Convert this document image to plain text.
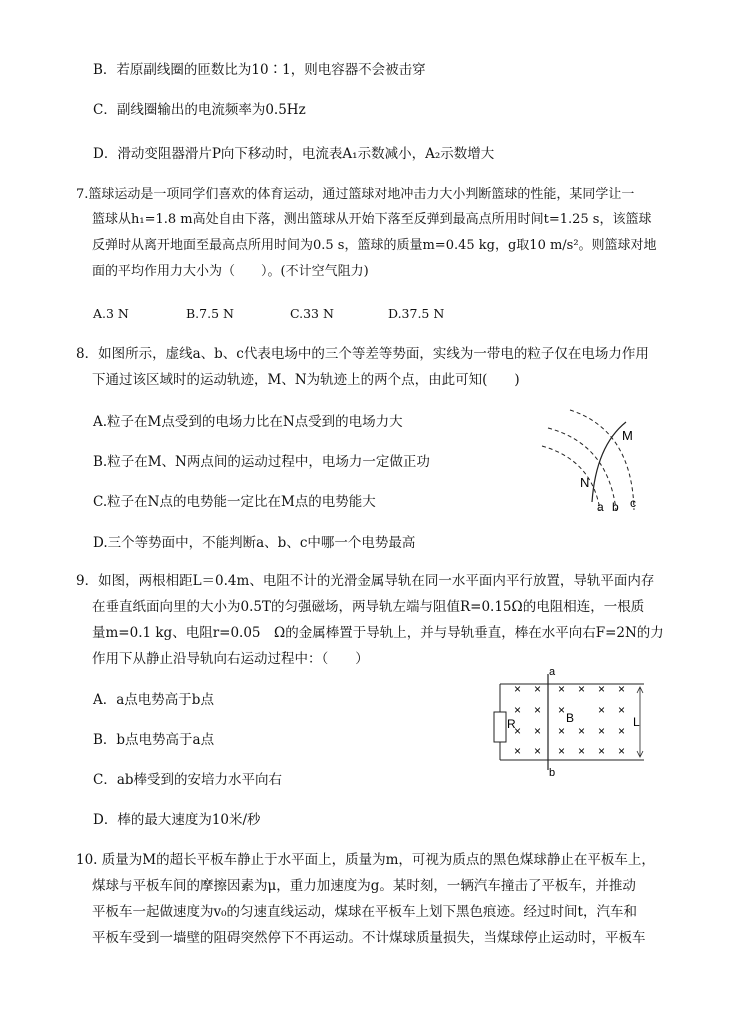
B．若原副线圈的匝数比为10∶1，则电容器不会被击穿
C．副线圈输出的电流频率为0.5Hz
D．滑动变阻器滑片P向下移动时，电流表A₁示数减小，A₂示数增大
7.篮球运动是一项同学们喜欢的体育运动，通过篮球对地冲击力大小判断篮球的性能，某同学让一
篮球从h₁=1.8 m高处自由下落，测出篮球从开始下落至反弹到最高点所用时间t=1.25 s，该篮球
反弹时从离开地面至最高点所用时间为0.5 s，篮球的质量m=0.45 kg，g取10 m/s²。则篮球对地
面的平均作用力大小为（　　）。(不计空气阻力)
A.3 N	B.7.5 N	C.33 N	D.37.5 N
8．如图所示，虚线a、b、c代表电场中的三个等差等势面，实线为一带电的粒子仅在电场力作用
下通过该区域时的运动轨迹，M、N为轨迹上的两个点，由此可知(　　)
A.粒子在M点受到的电场力比在N点受到的电场力大
B.粒子在M、N两点间的运动过程中，电场力一定做正功
C.粒子在N点的电势能一定比在M点的电势能大
D.三个等势面中，不能判断a、b、c中哪一个电势最高
M
N
a b c
9．如图，两根相距L＝0.4m、电阻不计的光滑金属导轨在同一水平面内平行放置，导轨平面内存
在垂直纸面向里的大小为0.5T的匀强磁场，两导轨左端与阻值R=0.15Ω的电阻相连，一根质
量m=0.1 kg、电阻r=0.05　Ω的金属棒置于导轨上，并与导轨垂直，棒在水平向右F=2N的力
作用下从静止沿导轨向右运动过程中：（　　）
A．a点电势高于b点
B．b点电势高于a点
C．ab棒受到的安培力水平向右
D．棒的最大速度为10米/秒
R
a
b
B	L
× × × × × ×
× × ×	× ×
× × × × × ×
× × × × × ×
10. 质量为M的超长平板车静止于水平面上，质量为m，可视为质点的黑色煤球静止在平板车上，
煤球与平板车间的摩擦因素为μ，重力加速度为g。某时刻，一辆汽车撞击了平板车，并推动
平板车一起做速度为v₀的匀速直线运动，煤球在平板车上划下黑色痕迹。经过时间t，汽车和
平板车受到一墙壁的阻碍突然停下不再运动。不计煤球质量损失，当煤球停止运动时，平板车
